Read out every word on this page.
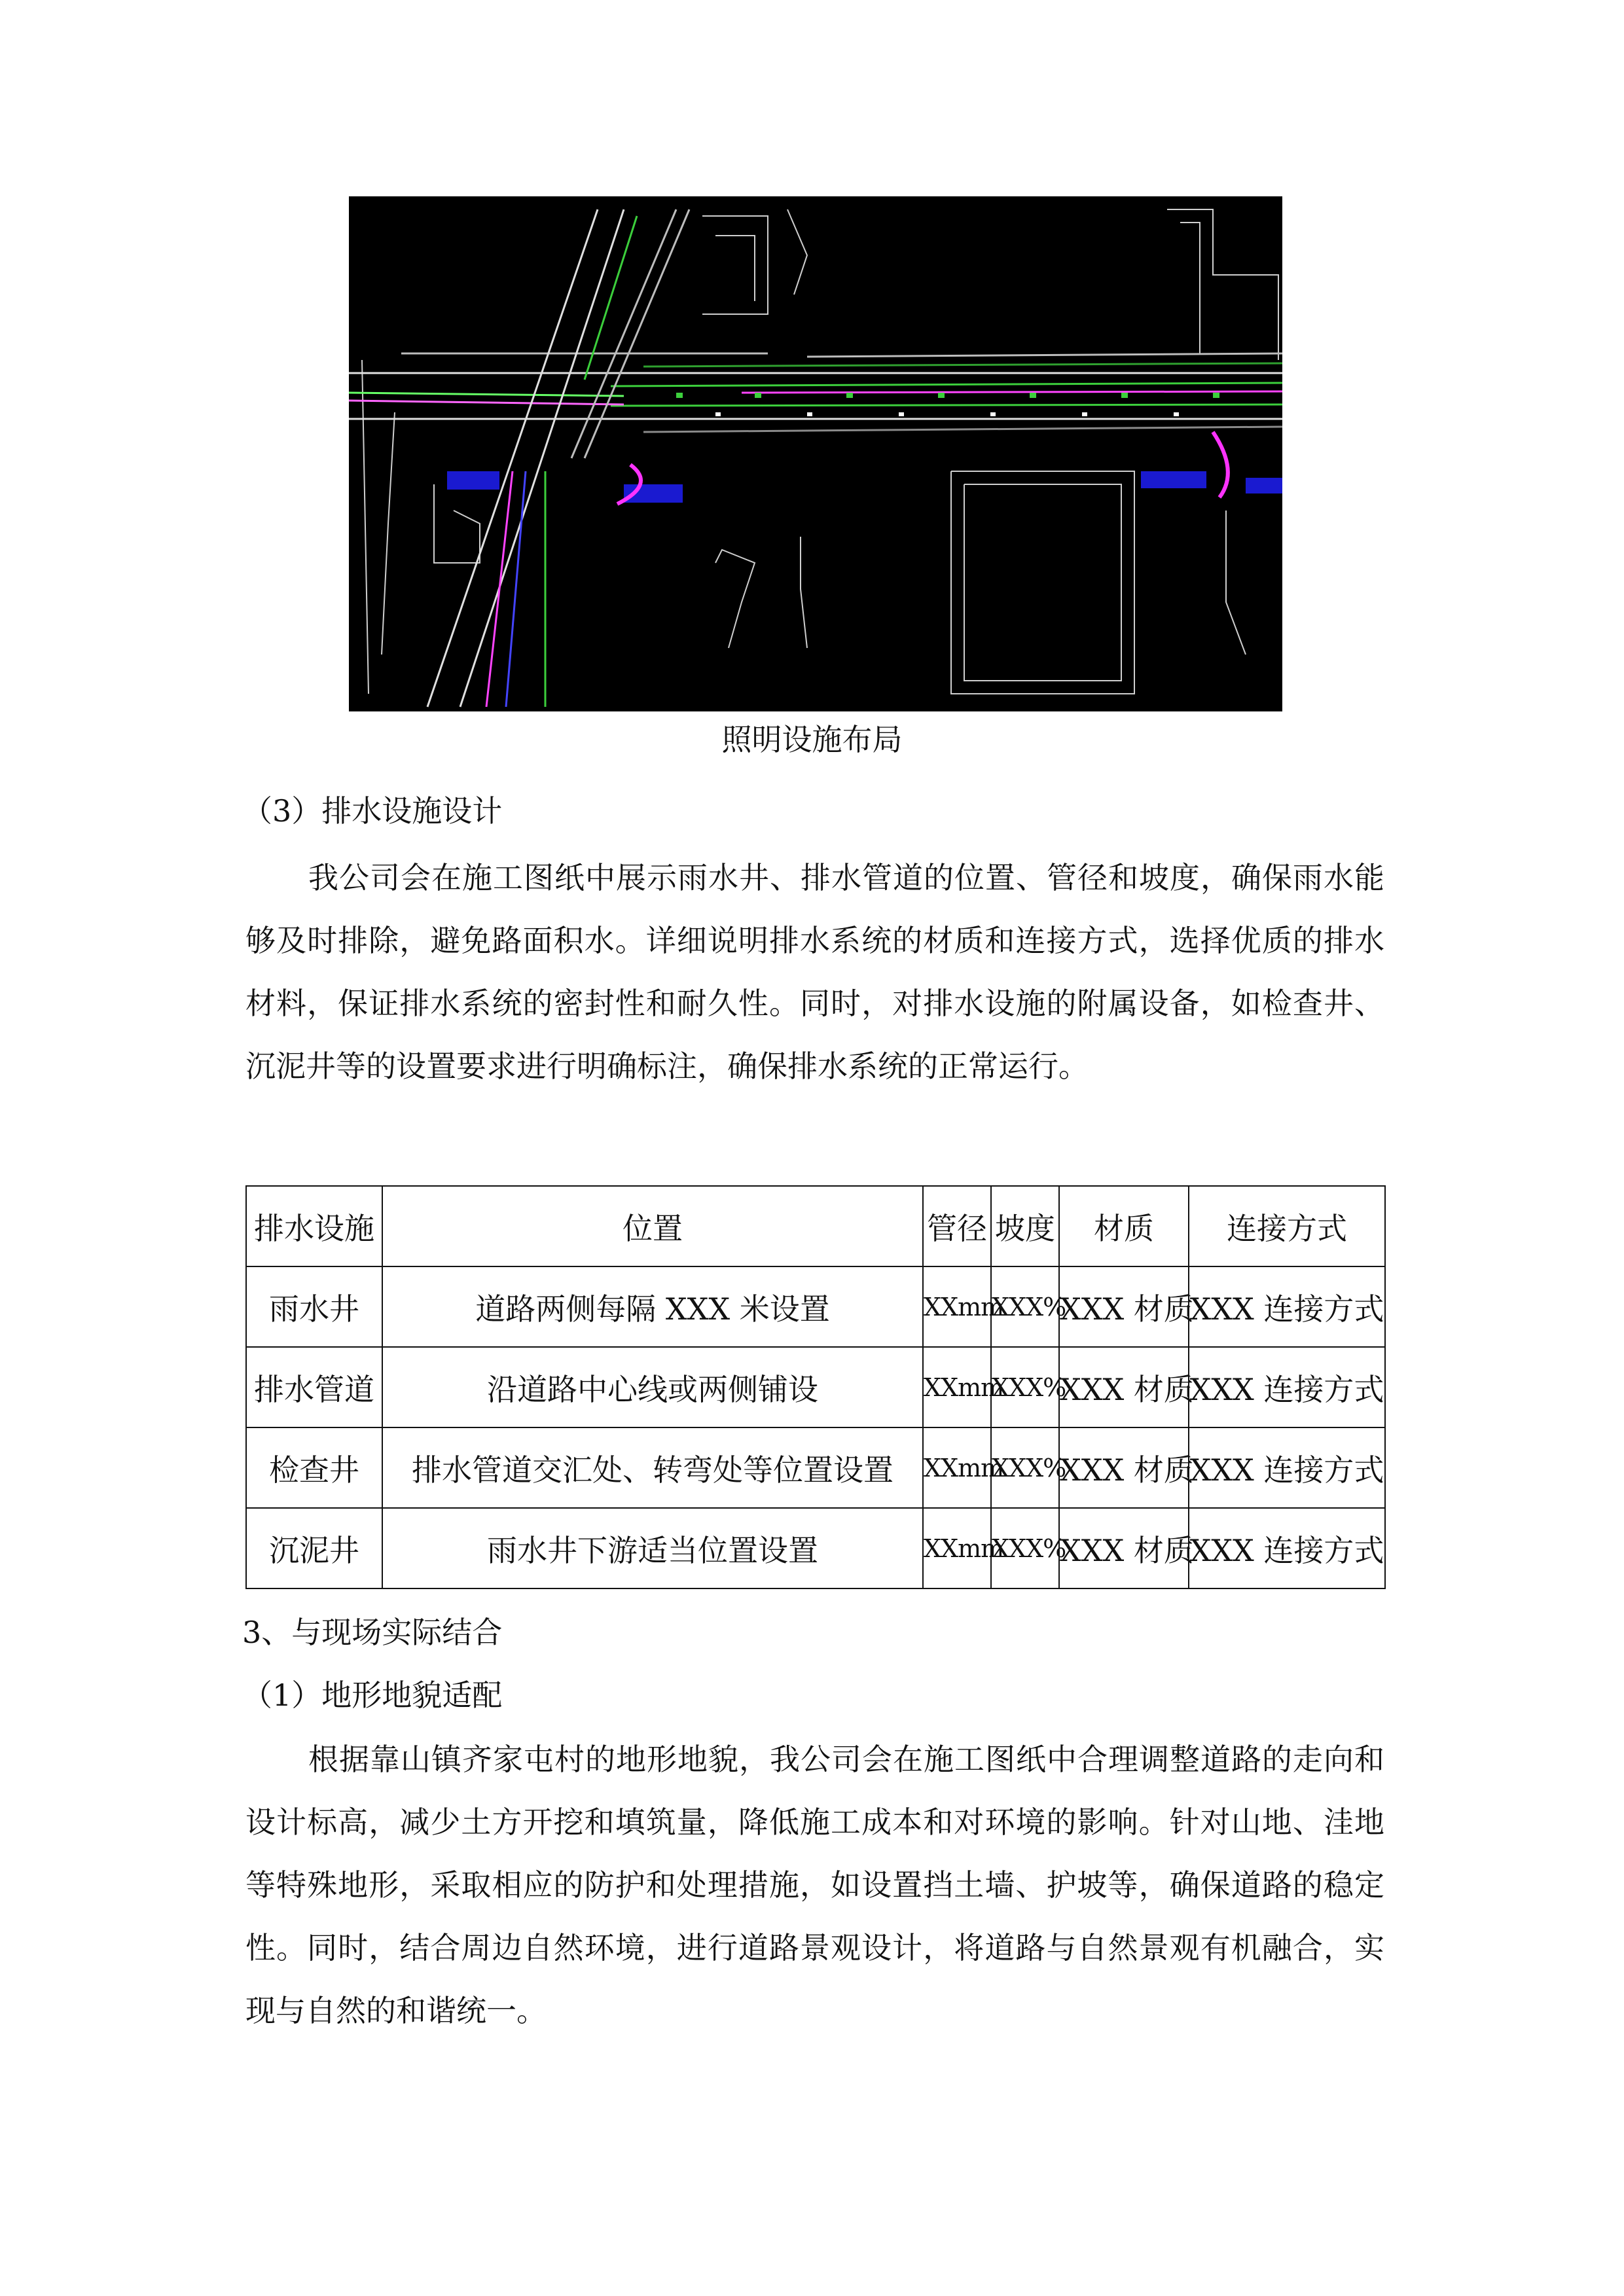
照明设施布局
（3）排水设施设计
我公司会在施工图纸中展示雨水井、排水管道的位置、管径和坡度，确保雨水能够及时排除，避免路面积水。详细说明排水系统的材质和连接方式，选择优质的排水材料，保证排水系统的密封性和耐久性。同时，对排水设施的附属设备，如检查井、沉泥井等的设置要求进行明确标注，确保排水系统的正常运行。
排水设施	位置	管径	坡度	材质	连接方式
雨水井	道路两侧每隔 XXX 米设置	XXmm	XXX%	XXX 材质	XXX 连接方式
排水管道	沿道路中心线或两侧铺设	XXmm	XXX%	XXX 材质	XXX 连接方式
检查井	排水管道交汇处、转弯处等位置设置	XXmm	XXX%	XXX 材质	XXX 连接方式
沉泥井	雨水井下游适当位置设置	XXmm	XXX%	XXX 材质	XXX 连接方式
3、与现场实际结合
（1）地形地貌适配
根据靠山镇齐家屯村的地形地貌，我公司会在施工图纸中合理调整道路的走向和设计标高，减少土方开挖和填筑量，降低施工成本和对环境的影响。针对山地、洼地等特殊地形，采取相应的防护和处理措施，如设置挡土墙、护坡等，确保道路的稳定性。同时，结合周边自然环境，进行道路景观设计，将道路与自然景观有机融合，实现与自然的和谐统一。
